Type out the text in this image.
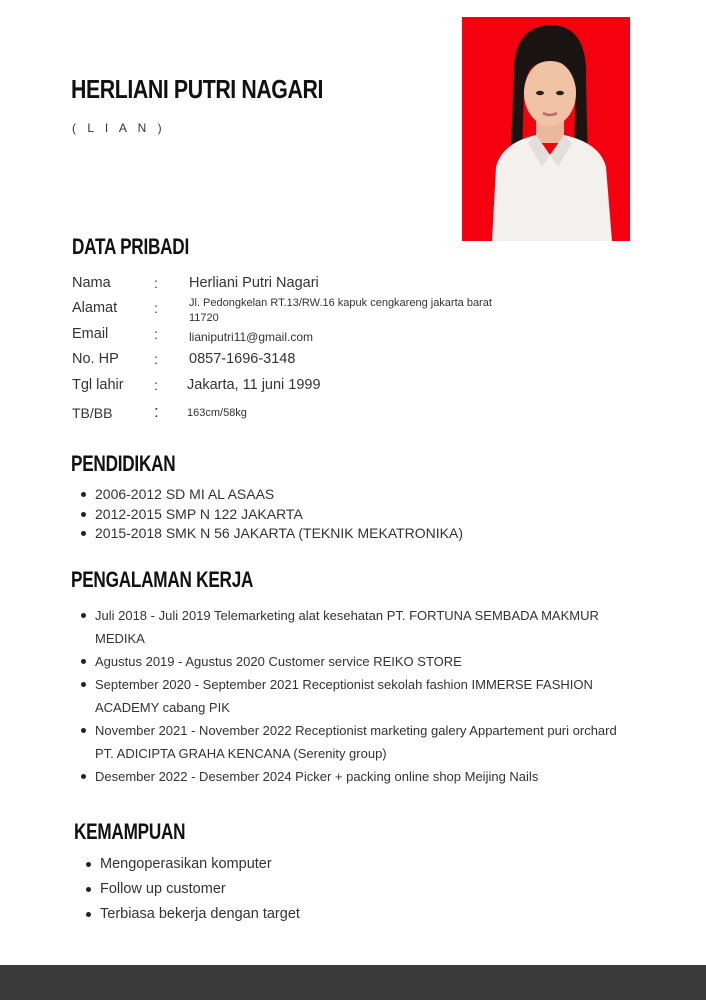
HERLIANI PUTRI NAGARI
( L I A N )
DATA PRIBADI
Nama	: Herliani Putri Nagari
Alamat	:	Jl. Pedongkelan RT.13/RW.16 kapuk cengkareng jakarta barat 11720
Email	:	lianiputri11@gmail.com
No. HP	: 0857-1696-3148
Tgl lahir : Jakarta, 11 juni 1999
TB/BB :	163cm/58kg
PENDIDIKAN
2006-2012 SD MI AL ASAAS
2012-2015 SMP N 122 JAKARTA
2015-2018 SMK N 56 JAKARTA (TEKNIK MEKATRONIKA)
PENGALAMAN KERJA
Juli 2018 - Juli 2019 Telemarketing alat kesehatan PT. FORTUNA SEMBADA MAKMUR MEDIKA
Agustus 2019 - Agustus 2020 Customer service REIKO STORE
September 2020 - September 2021 Receptionist sekolah fashion IMMERSE FASHION ACADEMY cabang PIK
November 2021 - November 2022 Receptionist marketing galery Appartement puri orchard PT. ADICIPTA GRAHA KENCANA (Serenity group)
Desember 2022 - Desember 2024 Picker + packing online shop Meijing Nails
KEMAMPUAN
Mengoperasikan komputer
Follow up customer
Terbiasa bekerja dengan target
